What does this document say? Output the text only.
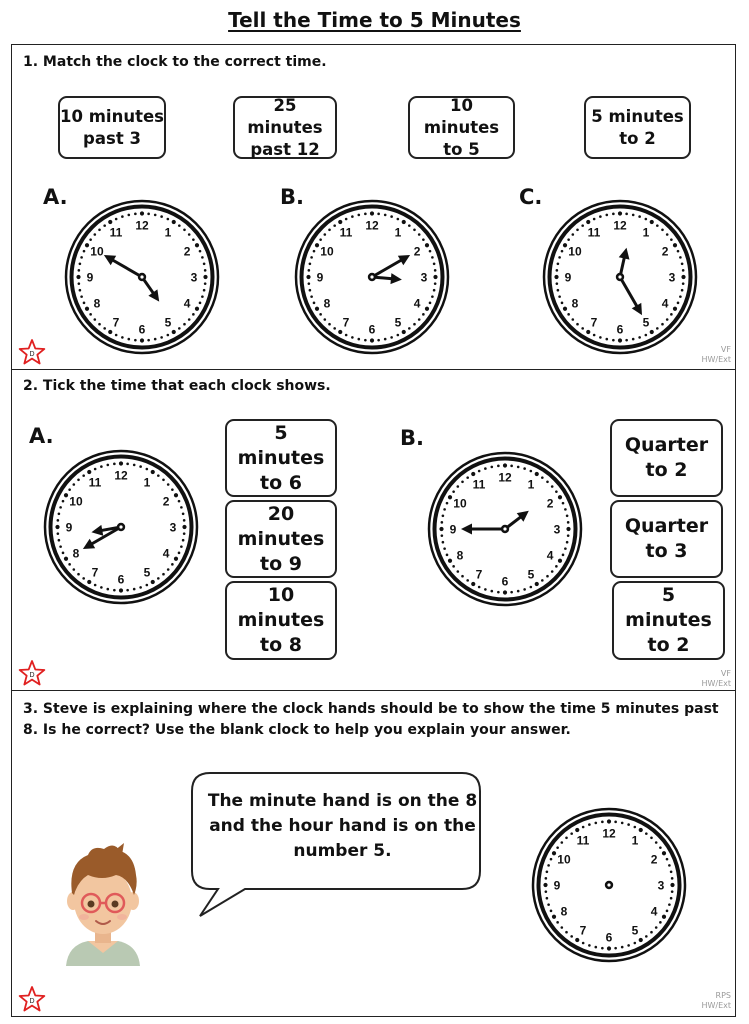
Tell the Time to 5 Minutes
1. Match the clock to the correct time.
10 minutes
past 3
25 minutes
past 12
10 minutes
to 5
5 minutes
to 2
A.	B.	C.
12 1
2
3
4
5
6
7
8
9
10
11	12 1
2
3
4
5
6
7
8
9
10
11	12 1
2
3
4
5
6
7
8
9
10
11
D
VF
HW/Ext
2. Tick the time that each clock shows.
A.	B.
12 1
2
3
4
5
6
7
8
9
10
11	12 1
2
3
4
5
6
7
8
9
10
11
5
minutes
to 6
20
minutes
to 9
10
minutes
to 8
Quarter
to 2
Quarter
to 3
5
minutes
to 2
D	VF
HW/Ext
3. Steve is explaining where the clock hands should be to show the time 5 minutes past 8. Is he correct? Use the blank clock to help you explain your answer.
The minute hand is on the 8 and the hour hand is on the number 5.
12 1
2
3
4
5
6
7
8
9
10
11
D
RPS
HW/Ext
